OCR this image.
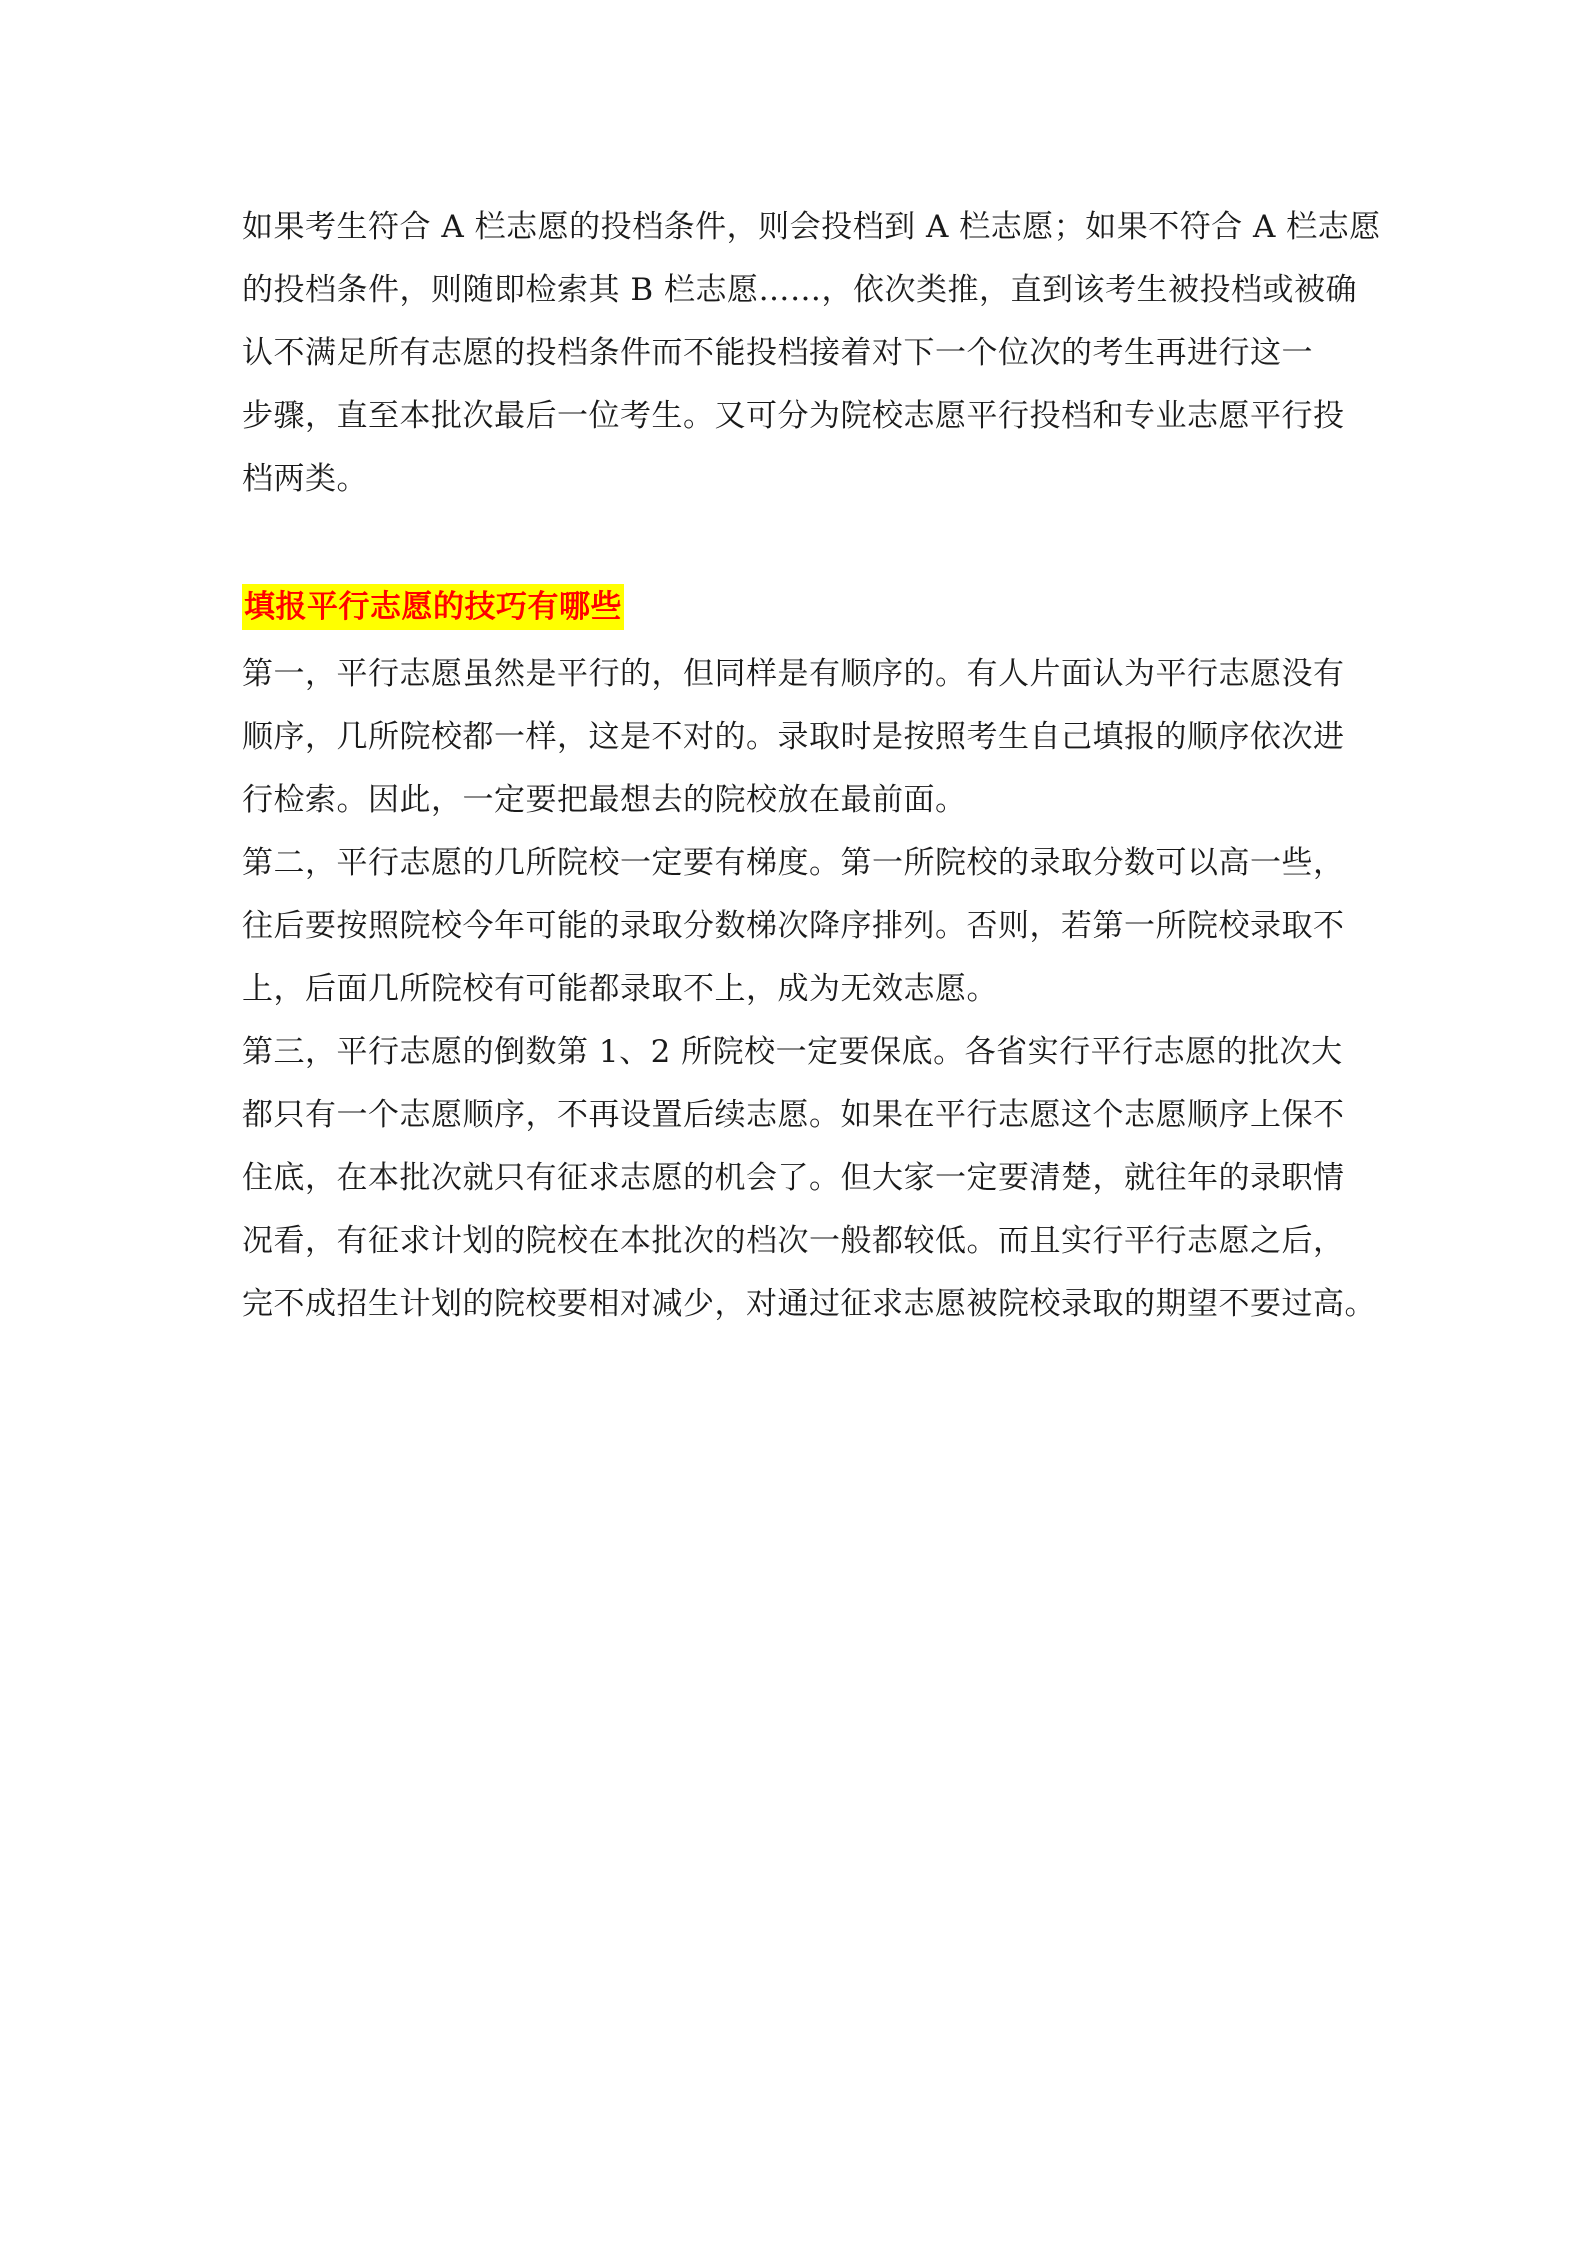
如果考生符合 A 栏志愿的投档条件，则会投档到 A 栏志愿；如果不符合 A 栏志愿
的投档条件，则随即检索其 B 栏志愿……，依次类推，直到该考生被投档或被确
认不满足所有志愿的投档条件而不能投档接着对下一个位次的考生再进行这一
步骤，直至本批次最后一位考生。又可分为院校志愿平行投档和专业志愿平行投
档两类。
填报平行志愿的技巧有哪些
第一，平行志愿虽然是平行的，但同样是有顺序的。有人片面认为平行志愿没有
顺序，几所院校都一样，这是不对的。录取时是按照考生自己填报的顺序依次进
行检索。因此，一定要把最想去的院校放在最前面。
第二，平行志愿的几所院校一定要有梯度。第一所院校的录取分数可以高一些，
往后要按照院校今年可能的录取分数梯次降序排列。否则，若第一所院校录取不
上，后面几所院校有可能都录取不上，成为无效志愿。
第三，平行志愿的倒数第 1、2 所院校一定要保底。各省实行平行志愿的批次大
都只有一个志愿顺序，不再设置后续志愿。如果在平行志愿这个志愿顺序上保不
住底，在本批次就只有征求志愿的机会了。但大家一定要清楚，就往年的录职情
况看，有征求计划的院校在本批次的档次一般都较低。而且实行平行志愿之后，
完不成招生计划的院校要相对减少，对通过征求志愿被院校录取的期望不要过高。
